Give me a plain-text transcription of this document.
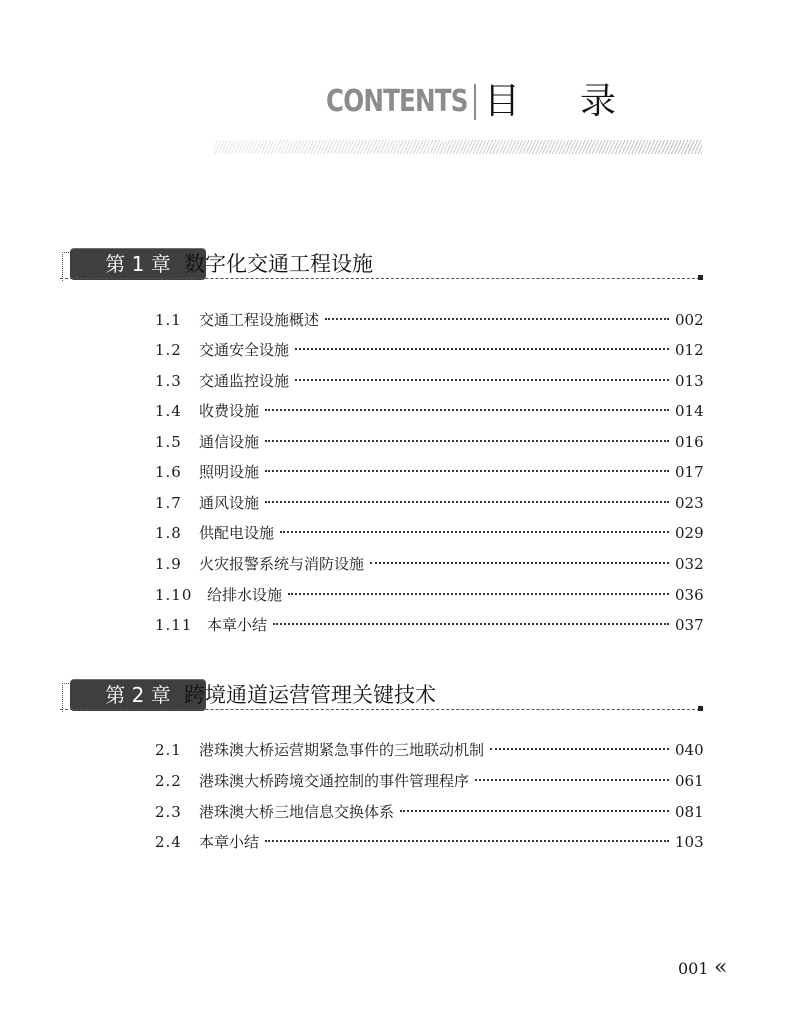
CONTENTS 目 录
第 1 章 数字化交通工程设施
1.1	交通工程设施概述	002
1.2	交通安全设施	012
1.3	交通监控设施	013
1.4	收费设施	014
1.5	通信设施	016
1.6	照明设施	017
1.7	通风设施	023
1.8	供配电设施	029
1.9	火灾报警系统与消防设施	032
1.10 给排水设施	036
1.11 本章小结	037
第 2 章 跨境通道运营管理关键技术
2.1	港珠澳大桥运营期紧急事件的三地联动机制	040
2.2	港珠澳大桥跨境交通控制的事件管理程序	061
2.3	港珠澳大桥三地信息交换体系	081
2.4	本章小结	103
001 «
